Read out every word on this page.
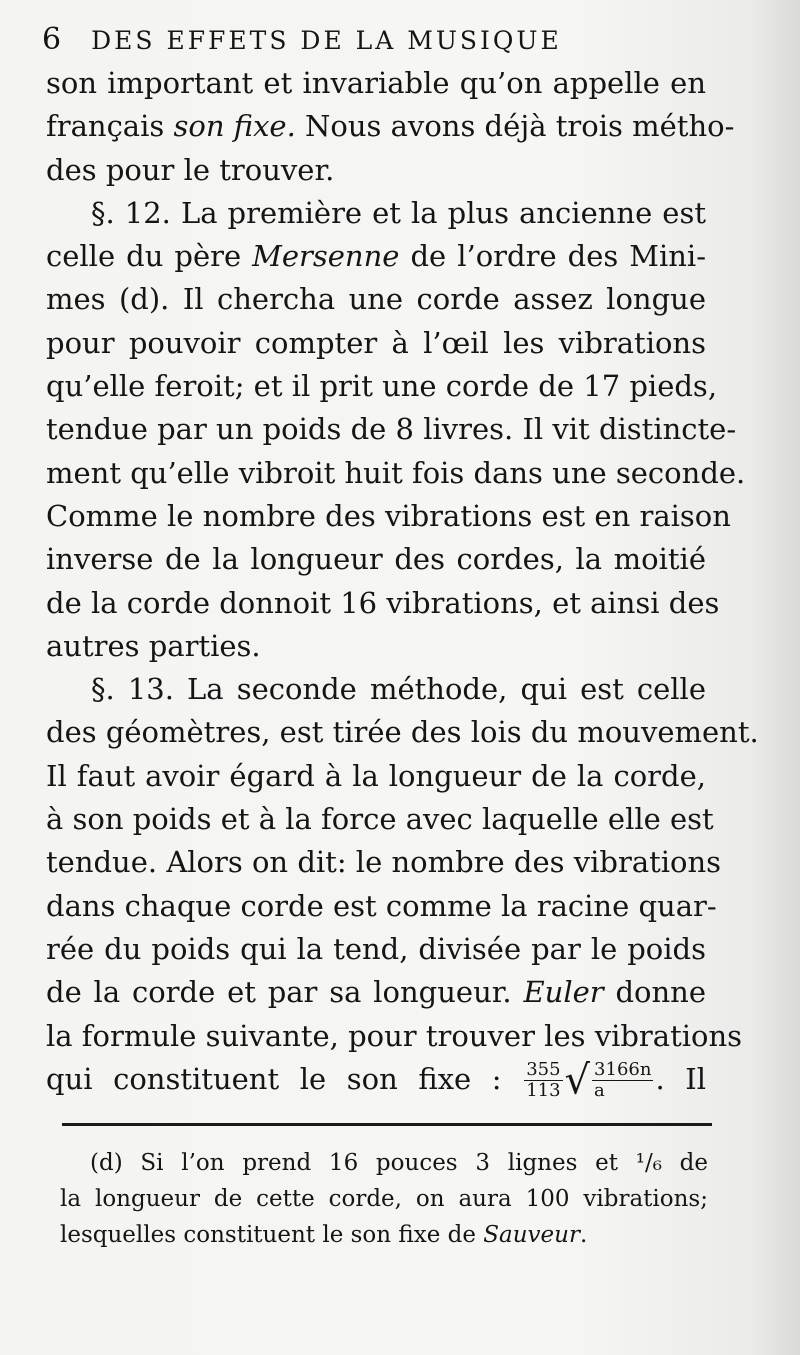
6 DES EFFETS DE LA MUSIQUE
son important et invariable qu’on appelle en
français son fixe. Nous avons déjà trois métho-
des pour le trouver.
§. 12. La première et la plus ancienne est
celle du père Mersenne de l’ordre des Mini-
mes (d). Il chercha une corde assez longue
pour pouvoir compter à l’œil les vibrations
qu’elle feroit; et il prit une corde de 17 pieds,
tendue par un poids de 8 livres. Il vit distincte-
ment qu’elle vibroit huit fois dans une seconde.
Comme le nombre des vibrations est en raison
inverse de la longueur des cordes, la moitié
de la corde donnoit 16 vibrations, et ainsi des
autres parties.
§. 13. La seconde méthode, qui est celle
des géomètres, est tirée des lois du mouvement.
Il faut avoir égard à la longueur de la corde,
à son poids et à la force avec laquelle elle est
tendue. Alors on dit: le nombre des vibrations
dans chaque corde est comme la racine quar-
rée du poids qui la tend, divisée par le poids
de la corde et par sa longueur. Euler donne
la formule suivante, pour trouver les vibrations
qui constituent le son fixe : $\frac{355}{113}$ √ $\frac{3166n}{a}$ . Il
(d) Si l’on prend 16 pouces 3 lignes et ¹/₆ de
la longueur de cette corde, on aura 100 vibrations;
lesquelles constituent le son fixe de Sauveur.
